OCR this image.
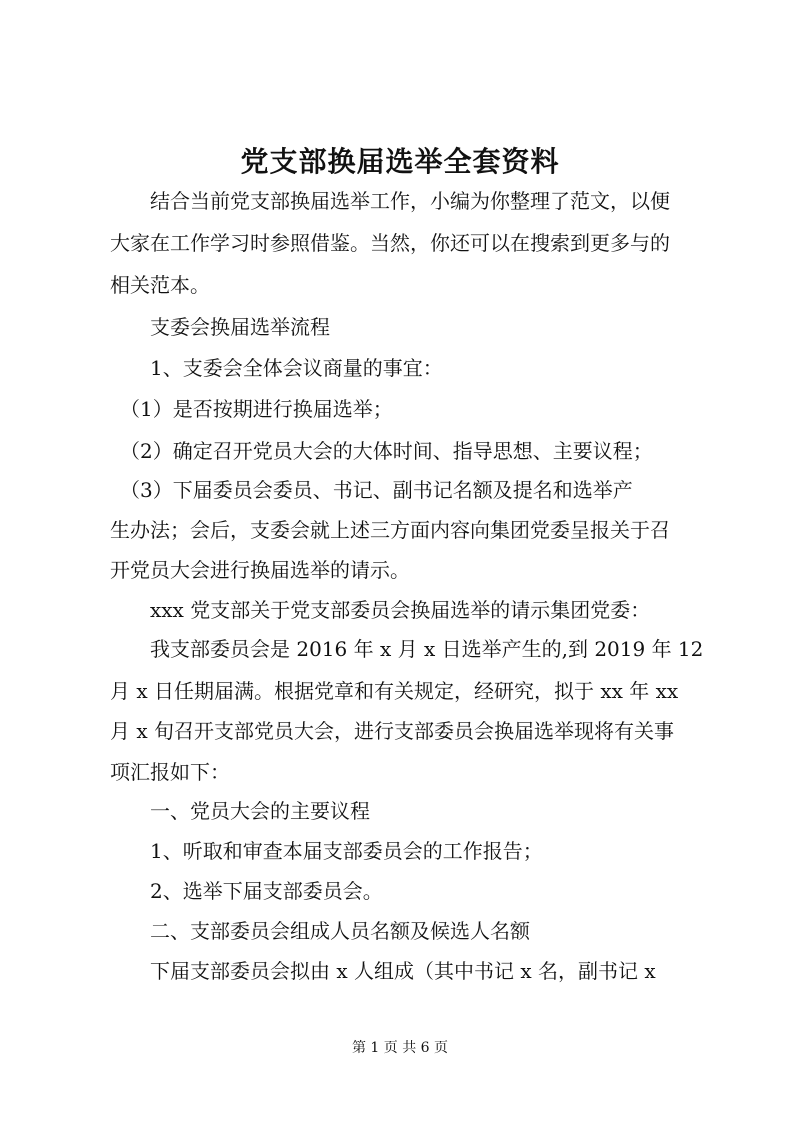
党支部换届选举全套资料
　　结合当前党支部换届选举工作，小编为你整理了范文，以便
大家在工作学习时参照借鉴。当然，你还可以在搜索到更多与的
相关范本。
　　支委会换届选举流程
　　1、支委会全体会议商量的事宜：
　（1）是否按期进行换届选举；
　（2）确定召开党员大会的大体时间、指导思想、主要议程；
　（3）下届委员会委员、书记、副书记名额及提名和选举产
生办法；会后，支委会就上述三方面内容向集团党委呈报关于召
开党员大会进行换届选举的请示。
　　xxx 党支部关于党支部委员会换届选举的请示集团党委：
　　我支部委员会是 2016 年 x 月 x 日选举产生的,到 2019 年 12
月 x 日任期届满。根据党章和有关规定，经研究，拟于 xx 年 xx
月 x 旬召开支部党员大会，进行支部委员会换届选举现将有关事
项汇报如下：
　　一、党员大会的主要议程
　　1、听取和审查本届支部委员会的工作报告；
　　2、选举下届支部委员会。
　　二、支部委员会组成人员名额及候选人名额
　　下届支部委员会拟由 x 人组成（其中书记 x 名，副书记 x
第 1 页 共 6 页
